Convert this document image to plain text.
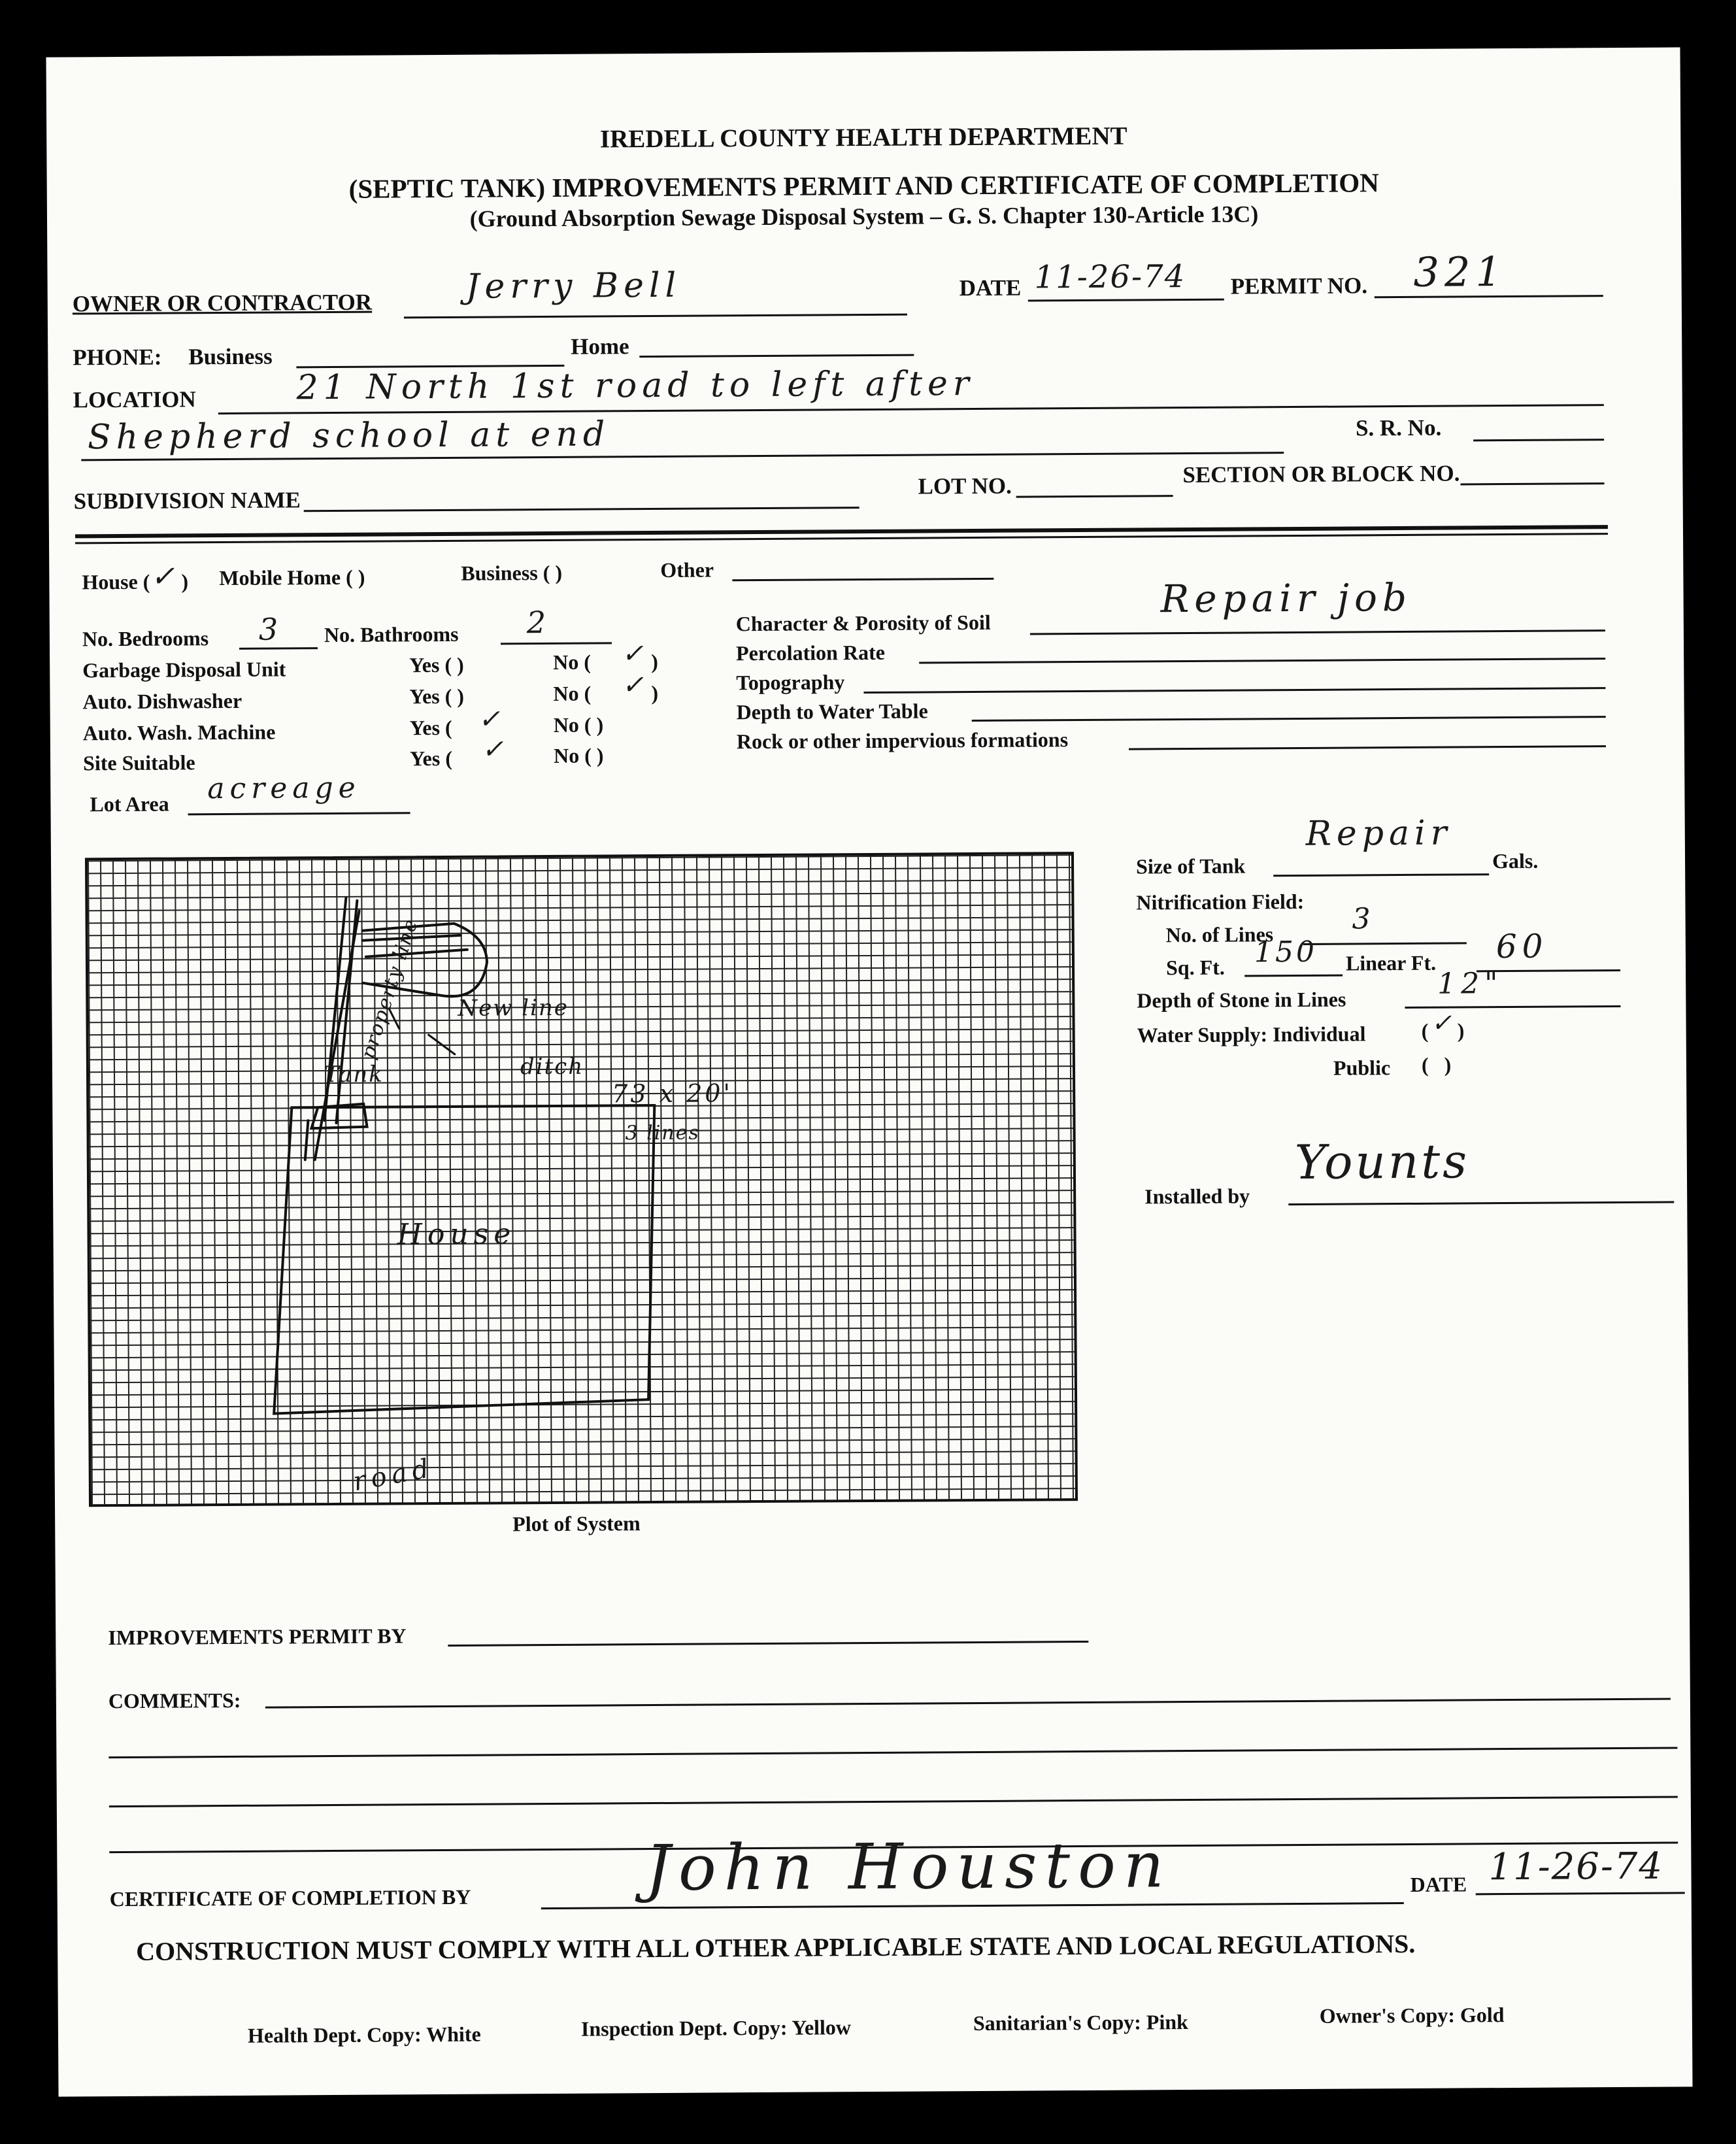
IREDELL COUNTY HEALTH DEPARTMENT
(SEPTIC TANK) IMPROVEMENTS PERMIT AND CERTIFICATE OF COMPLETION
(Ground Absorption Sewage Disposal System – G. S. Chapter 130-Article 13C)
OWNER OR CONTRACTOR	Jerry Bell	DATE 11-26-74 PERMIT NO. 321
PHONE: Business	Home
LOCATION	21 North 1st road to left after
Shepherd school at end	S. R. No.
SUBDIVISION NAME
LOT NO.	SECTION OR BLOCK NO.
House ( ✓ ) Mobile Home ( )	Business ( )	Other
No. Bedrooms 3 No. Bathrooms 2
Garbage Disposal Unit	Yes ( )	No ( ✓ )
Auto. Dishwasher	Yes ( )	No ( ✓ )
Auto. Wash. Machine	Yes ( ✓ No ( )
Site Suitable	Yes ( ✓ No ( )
Lot Area acreage
Character & Porosity of Soil
Repair job
Percolation Rate
Topography
Depth to Water Table
Rock or other impervious formations
property line New line
Tank	ditch
73 x 20'
3 lines
House
road
Plot of System
Size of Tank
Repair
Gals.
Nitrification Field:
No. of Lines	3
Sq. Ft. 150 Linear Ft. 60
Depth of Stone in Lines	12"
Water Supply: Individual	( ✓ )
Public (   )
Installed by
Younts
IMPROVEMENTS PERMIT BY
COMMENTS:
CERTIFICATE OF COMPLETION BY	John Houston	DATE 11-26-74
CONSTRUCTION MUST COMPLY WITH ALL OTHER APPLICABLE STATE AND LOCAL REGULATIONS.
Health Dept. Copy: White	Inspection Dept. Copy: Yellow	Sanitarian's Copy: Pink	Owner's Copy: Gold
